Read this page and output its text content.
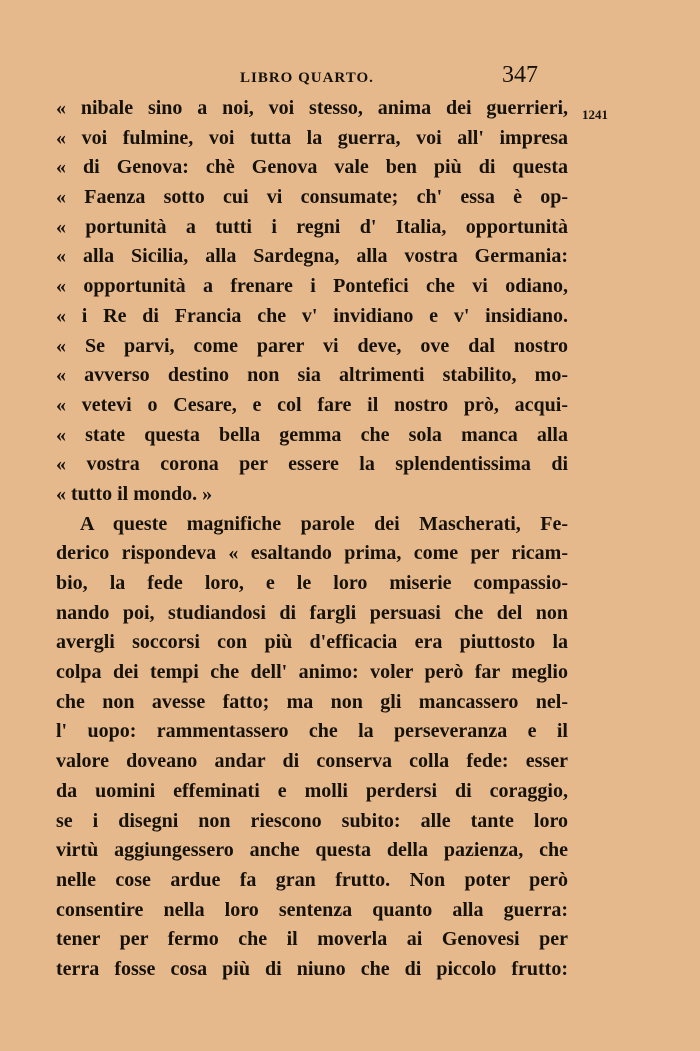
LIBRO QUARTO.	347
1241
« nibale sino a noi, voi stesso, anima dei guerrieri,
« voi fulmine, voi tutta la guerra, voi all' impresa
« di Genova: chè Genova vale ben più di questa
« Faenza sotto cui vi consumate; ch' essa è op-
« portunità a tutti i regni d' Italia, opportunità
« alla Sicilia, alla Sardegna, alla vostra Germania:
« opportunità a frenare i Pontefici che vi odiano,
« i Re di Francia che v' invidiano e v' insidiano.
« Se parvi, come parer vi deve, ove dal nostro
« avverso destino non sia altrimenti stabilito, mo-
« vetevi o Cesare, e col fare il nostro prò, acqui-
« state questa bella gemma che sola manca alla
« vostra corona per essere la splendentissima di
« tutto il mondo. »
A queste magnifiche parole dei Mascherati, Fe-
derico rispondeva « esaltando prima, come per ricam-
bio, la fede loro, e le loro miserie compassio-
nando poi, studiandosi di fargli persuasi che del non
avergli soccorsi con più d'efficacia era piuttosto la
colpa dei tempi che dell' animo: voler però far meglio
che non avesse fatto; ma non gli mancassero nel-
l' uopo: rammentassero che la perseveranza e il
valore doveano andar di conserva colla fede: esser
da uomini effeminati e molli perdersi di coraggio,
se i disegni non riescono subito: alle tante loro
virtù aggiungessero anche questa della pazienza, che
nelle cose ardue fa gran frutto. Non poter però
consentire nella loro sentenza quanto alla guerra:
tener per fermo che il moverla ai Genovesi per
terra fosse cosa più di niuno che di piccolo frutto:
